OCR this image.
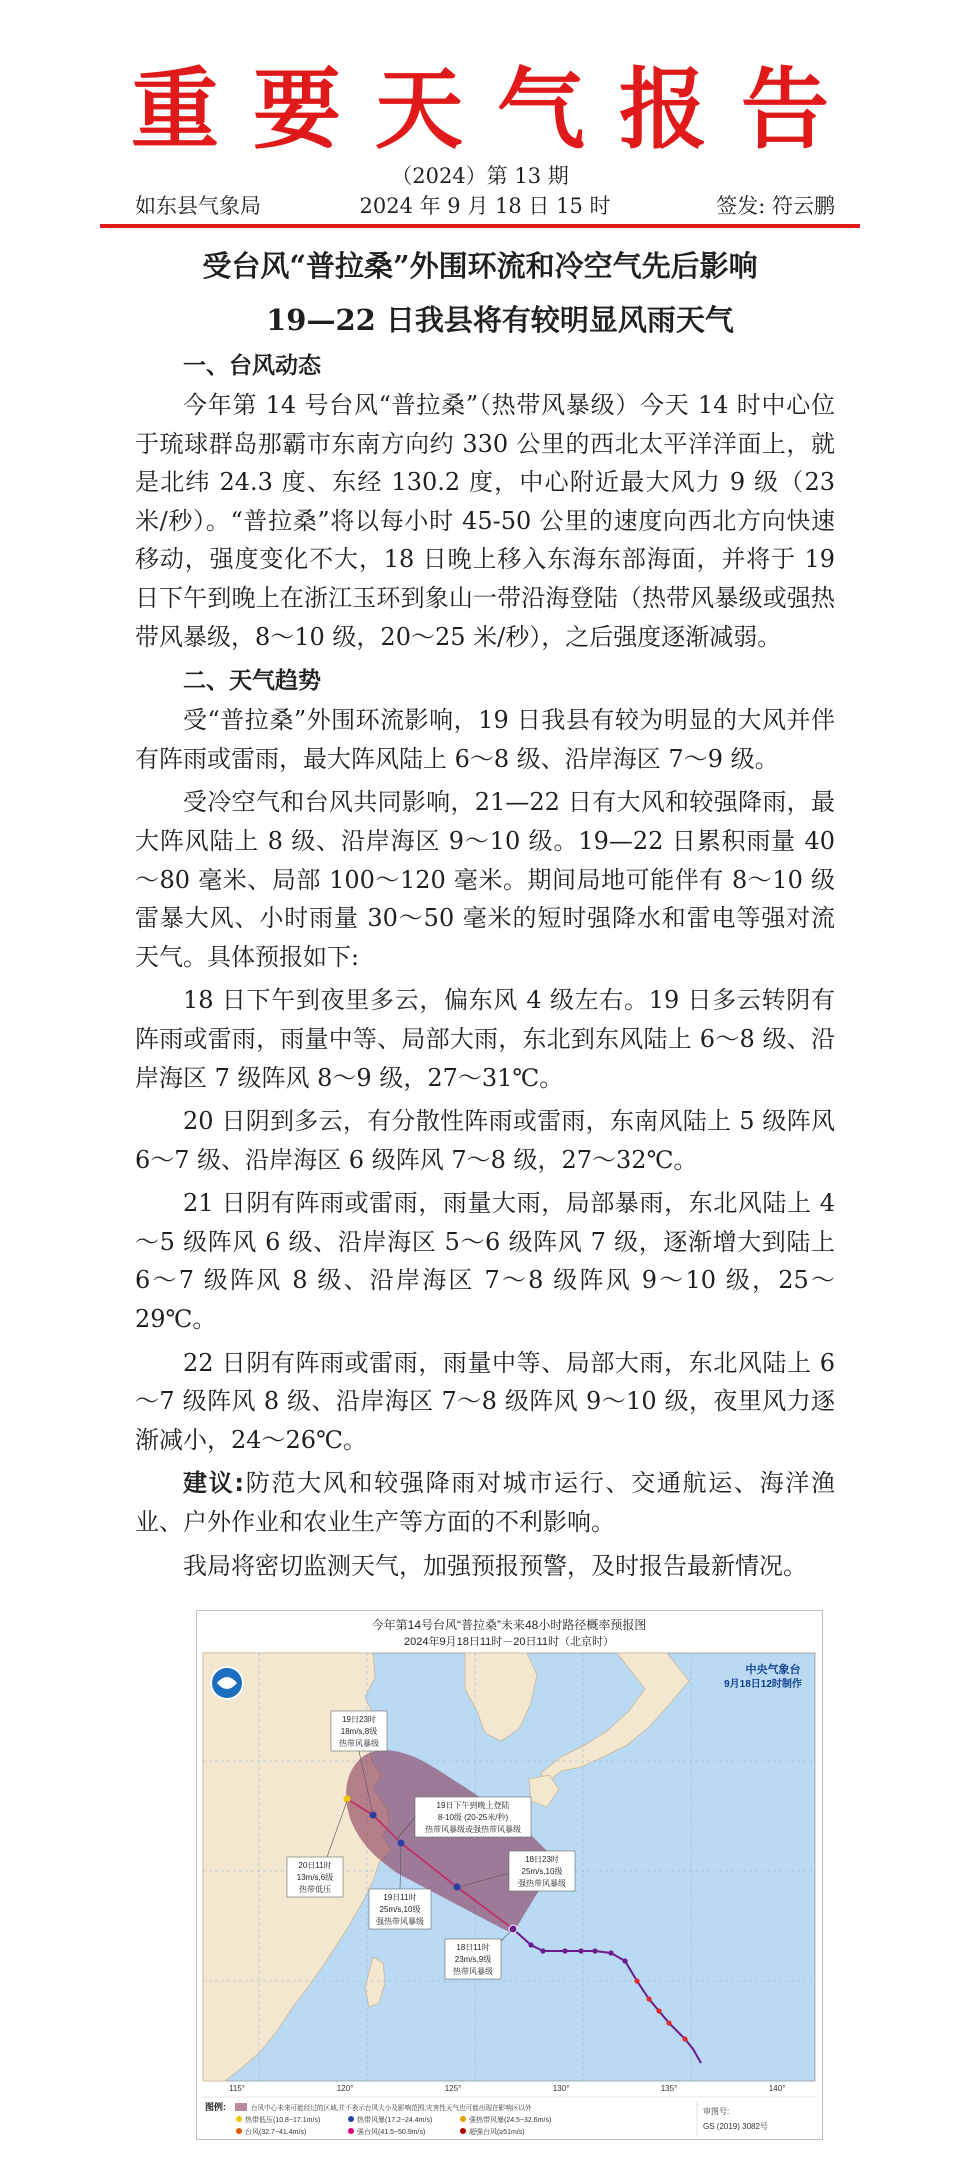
重要天气报告
（2024）第 13 期
2024 年 9 月 18 日 15 时
如东县气象局	签发: 符云鹏
受台风“普拉桑”外围环流和冷空气先后影响
19—22 日我县将有较明显风雨天气
一、台风动态

今年第 14 号台风“普拉桑”（热带风暴级）今天 14 时中心位于琉球群岛那霸市东南方向约 330 公里的西北太平洋洋面上，就是北纬 24.3 度、东经 130.2 度，中心附近最大风力 9 级（23 米/秒）。“普拉桑”将以每小时 45-50 公里的速度向西北方向快速移动，强度变化不大，18 日晚上移入东海东部海面，并将于 19 日下午到晚上在浙江玉环到象山一带沿海登陆（热带风暴级或强热带风暴级，8～10 级，20～25 米/秒），之后强度逐渐减弱。

二、天气趋势

受“普拉桑”外围环流影响，19 日我县有较为明显的大风并伴有阵雨或雷雨，最大阵风陆上 6～8 级、沿岸海区 7～9 级。

受冷空气和台风共同影响，21—22 日有大风和较强降雨，最大阵风陆上 8 级、沿岸海区 9～10 级。19—22 日累积雨量 40～80 毫米、局部 100～120 毫米。期间局地可能伴有 8～10 级雷暴大风、小时雨量 30～50 毫米的短时强降水和雷电等强对流天气。具体预报如下:

18 日下午到夜里多云，偏东风 4 级左右。19 日多云转阴有阵雨或雷雨，雨量中等、局部大雨，东北到东风陆上 6～8 级、沿岸海区 7 级阵风 8～9 级，27～31℃。

20 日阴到多云，有分散性阵雨或雷雨，东南风陆上 5 级阵风 6～7 级、沿岸海区 6 级阵风 7～8 级，27～32℃。

21 日阴有阵雨或雷雨，雨量大雨，局部暴雨，东北风陆上 4～5 级阵风 6 级、沿岸海区 5～6 级阵风 7 级，逐渐增大到陆上 6～7 级阵风 8 级、沿岸海区 7～8 级阵风 9～10 级，25～29℃。

22 日阴有阵雨或雷雨，雨量中等、局部大雨，东北风陆上 6～7 级阵风 8 级、沿岸海区 7～8 级阵风 9～10 级，夜里风力逐渐减小，24～26℃。

建议:防范大风和较强降雨对城市运行、交通航运、海洋渔业、户外作业和农业生产等方面的不利影响。

我局将密切监测天气，加强预报预警，及时报告最新情况。

今年第14号台风“普拉桑”未来48小时路径概率预报图
2024年9月18日11时－20日11时（北京时）
中央气象台
9月18日12时制作
19日23时
18m/s,8级
热带风暴级
19日下午到晚上登陆
8-10级 (20-25米/秒)
热带风暴级或强热带风暴级
18日23时
25m/s,10级
强热带风暴级
20日11时
13m/s,6级
热带低压
19日11时
25m/s,10级
强热带风暴级
18日11时
23m/s,9级
热带风暴级
115°	120°	125°	130°	135°	140°
图例:	台风中心未来可能经过的区域,并不表示台风大小及影响范围,灾害性天气也可能出现在影响区以外
热带低压(10.8~17.1m/s)	热带风暴(17.2~24.4m/s)	强热带风暴(24.5~32.6m/s)
台风(32.7~41.4m/s)	强台风(41.5~50.9m/s)	超强台风(≥51m/s)
审图号:
GS (2019) 3082号
